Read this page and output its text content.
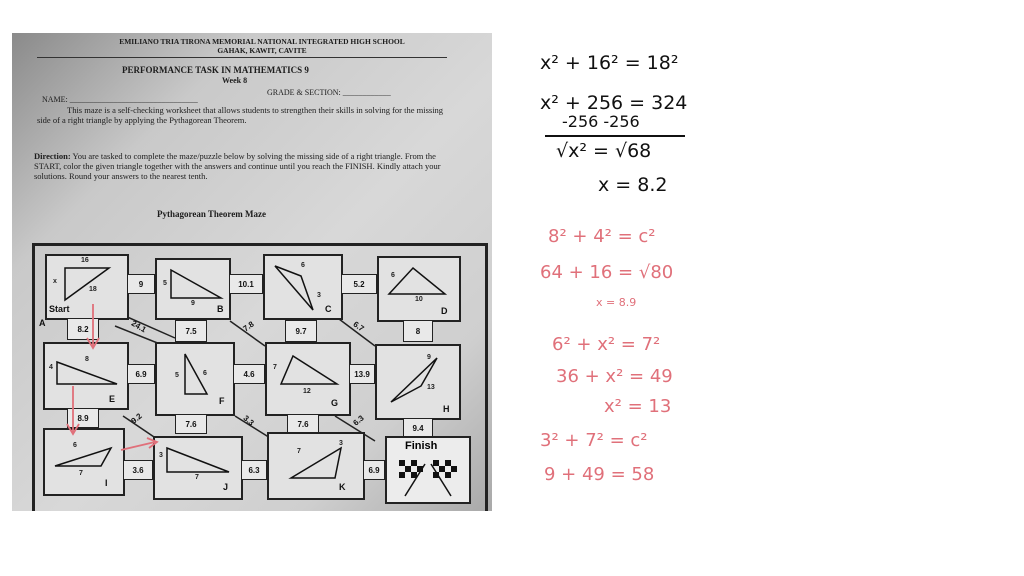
EMILIANO TRIA TIRONA MEMORIAL NATIONAL INTEGRATED HIGH SCHOOL
GAHAK, KAWIT, CAVITE
PERFORMANCE TASK IN MATHEMATICS 9
Week 8
GRADE & SECTION: ____________
NAME: ________________________________
This maze is a self-checking worksheet that allows students to strengthen their skills in solving for the missing side of a right triangle by applying the Pythagorean Theorem.
Direction: You are tasked to complete the maze/puzzle below by solving the missing side of a right triangle. From the START, color the given triangle together with the answers and continue until you reach the FINISH. Kindly attach your solutions. Round your answers to the nearest tenth.
Pythagorean Theorem Maze
16
x
18
A
Start
5
9
B
6
3
C
6
10
D
9	10.1	5.2
8.2	7.5	9.7	8
24.1	7.8	6.7
4
8
E
5	6
F
7
12
G
9
13
H
6.9	4.6	13.9
8.9
7.6	7.6	9.4
9.2	3.3	6.3
6
7
I
3
7
J
7
3
K
Finish
3.6	6.3	6.9
x² + 16² = 18²
x² + 256 = 324
-256 -256
√x² = √68
x = 8.2
8² + 4² = c²
64 + 16 = √80
x = 8.9
6² + x² = 7²
36 + x² = 49
x² = 13
3² + 7² = c²
9 + 49 = 58
